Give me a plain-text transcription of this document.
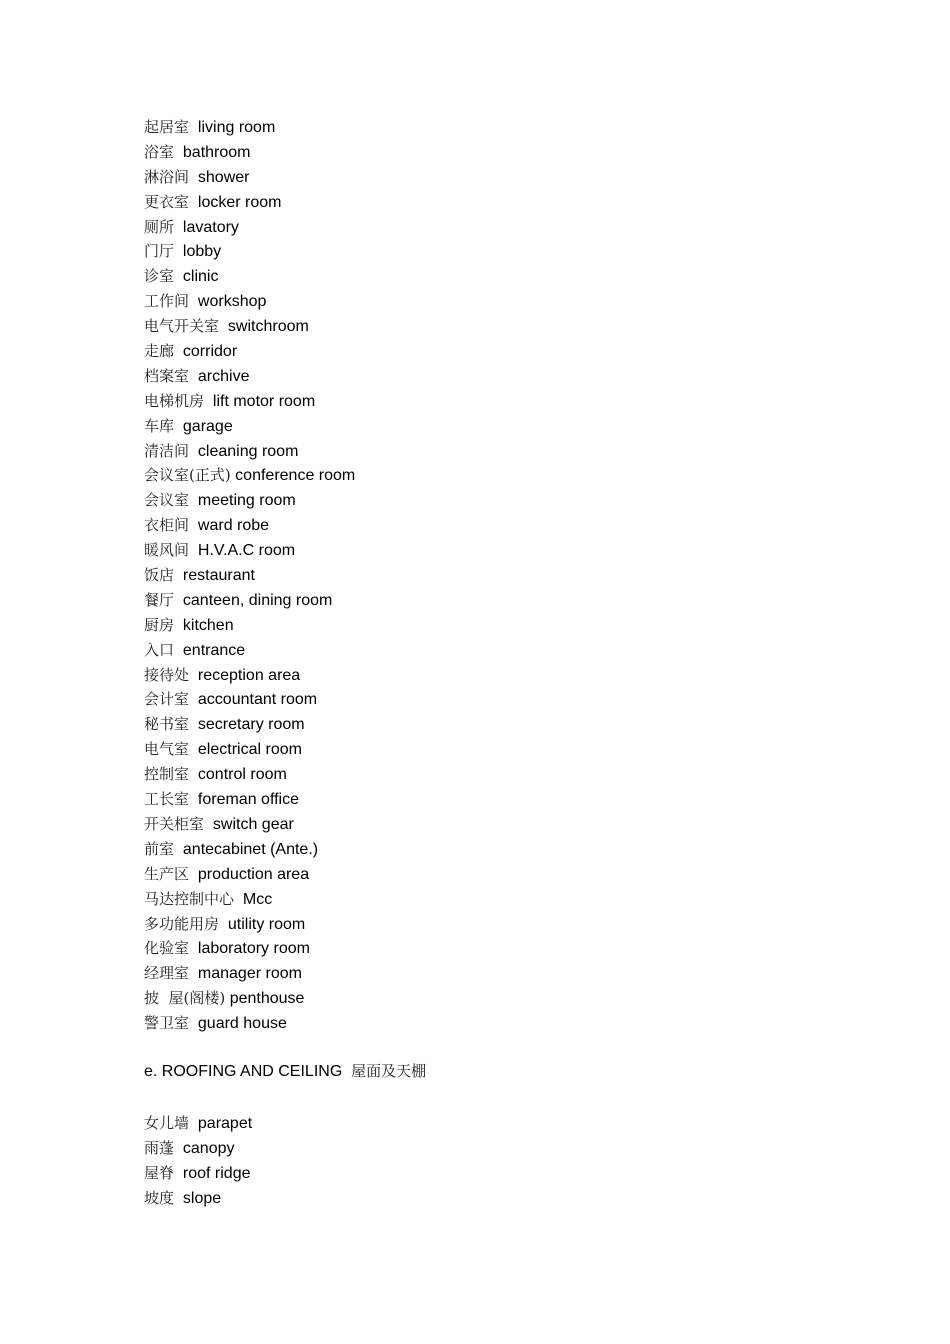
起居室 living room
浴室 bathroom
淋浴间 shower
更衣室 locker room
厕所 lavatory
门厅 lobby
诊室 clinic
工作间 workshop
电气开关室 switchroom
走廊 corridor
档案室 archive
电梯机房 lift motor room
车库 garage
清洁间 cleaning room
会议室(正式) conference room
会议室 meeting room
衣柜间 ward robe
暖风间 H.V.A.C room
饭店 restaurant
餐厅 canteen, dining room
厨房 kitchen
入口 entrance
接待处 reception area
会计室 accountant room
秘书室 secretary room
电气室 electrical room
控制室 control room
工长室 foreman office
开关柜室 switch gear
前室 antecabinet (Ante.)
生产区 production area
马达控制中心 Mcc
多功能用房 utility room
化验室 laboratory room
经理室 manager room
披  屋(阁楼) penthouse
警卫室 guard house
e. ROOFING AND CEILING 屋面及天棚
女儿墙 parapet
雨蓬 canopy
屋脊 roof ridge
坡度 slope
